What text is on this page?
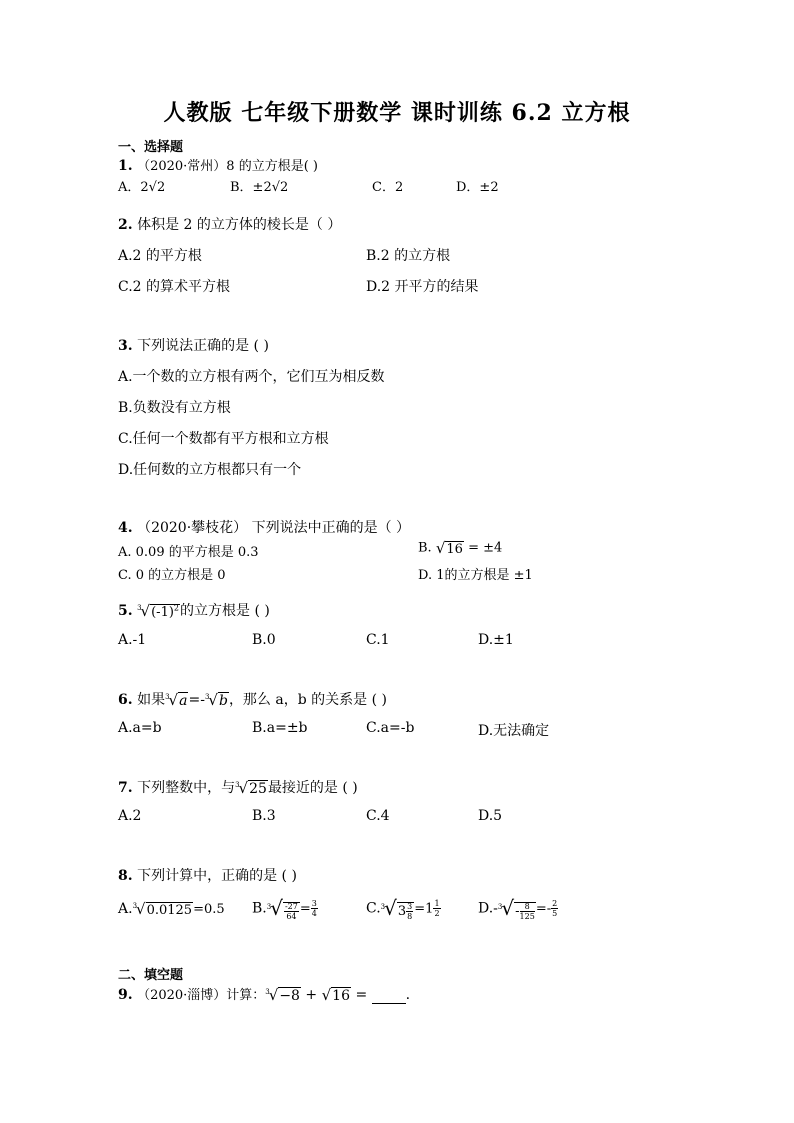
人教版 七年级下册数学 课时训练 6.2 立方根
一、选择题
1. （2020·常州）8 的立方根是( )
A．2√2	B．±2√2	C．2	D．±2
2. 体积是 2 的立方体的棱长是（ ）
A.2 的平方根	B.2 的立方根
C.2 的算术平方根	D.2 开平方的结果
3. 下列说法正确的是 ( )
A.一个数的立方根有两个，它们互为相反数
B.负数没有立方根
C.任何一个数都有平方根和立方根
D.任何数的立方根都只有一个
4. （2020·攀枝花） 下列说法中正确的是（ ）
A. 0.09 的平方根是 0.3	B. √16 = ±4
C. 0 的立方根是 0	D. 1的立方根是 ±1
5. $^3$√(‑1)$^2$的立方根是 ( )
A.-1	B.0	C.1	D.±1
6. 如果$^3$√a=-$^3$√b，那么 a，b 的关系是 ( )
A.a=b	B.a=±b	C.a=-b	D.无法确定
7. 下列整数中，与$^3$√25最接近的是 ( )
A.2	B.3	C.4	D.5
8. 下列计算中，正确的是 ( )
A.$^3$√0.0125=0.5 $B.^3√ \frac{-27}{64} = \frac{3}{4}$	$C.^3√3 \frac{3}{8} =1 \frac{1}{2}$	$D.-^3√- \frac{8}{125} =- \frac{2}{5}$
二、填空题
9. （2020·淄博）计算：$^3$√−8 + √16 = .
